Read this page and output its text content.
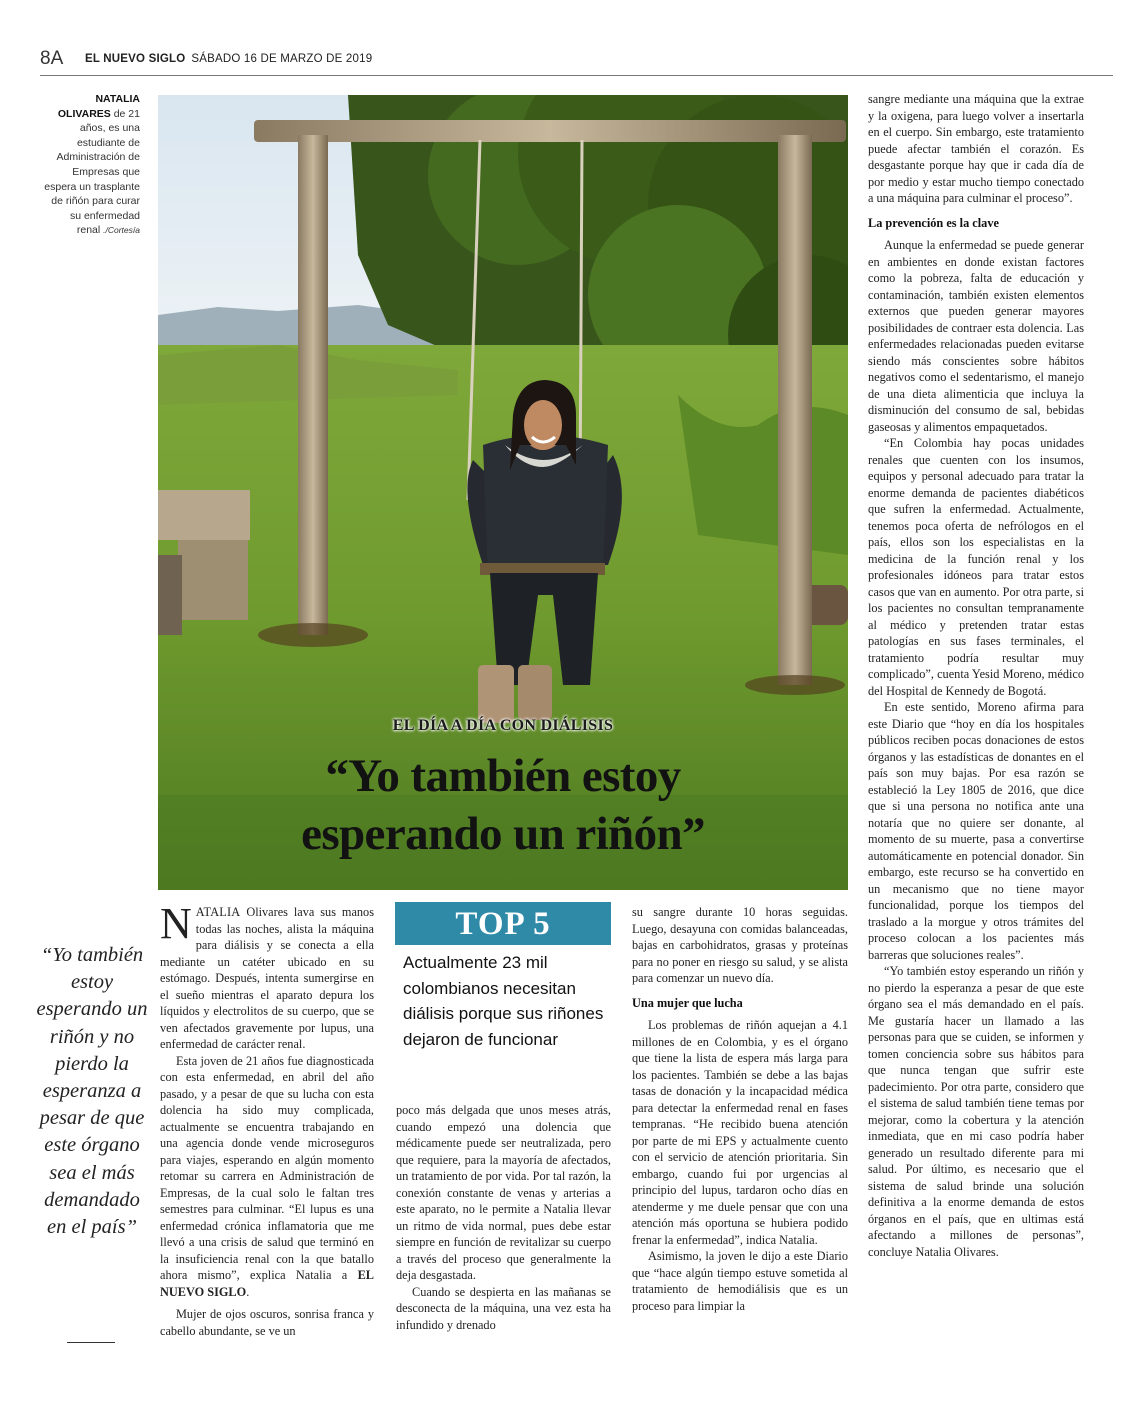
8A EL NUEVO SIGLO SÁBADO 16 DE MARZO DE 2019
NATALIA OLIVARES de 21 años, es una estudiante de Administración de Empresas que espera un trasplante de riñón para curar su enfermedad renal ./Cortesía
EL DÍA A DÍA CON DIÁLISIS
“Yo también estoy
esperando un riñón”
“Yo también estoy esperando un riñón y no pierdo la esperanza a pesar de que este órgano sea el más demandado en el país”

NATALIA Olivares lava sus manos todas las noches, alista la máquina para diálisis y se conecta a ella mediante un catéter ubicado en su estómago. Después, intenta sumergirse en el sueño mientras el aparato depura los líquidos y electrolitos de su cuerpo, que se ven afectados gravemente por lupus, una enfermedad de carácter renal.

Esta joven de 21 años fue diagnosticada con esta enfermedad, en abril del año pasado, y a pesar de que su lucha con esta dolencia ha sido muy complicada, actualmente se encuentra trabajando en una agencia donde vende microseguros para viajes, esperando en algún momento retomar su carrera en Administración de Empresas, de la cual solo le faltan tres semestres para culminar. “El lupus es una enfermedad crónica inflamatoria que me llevó a una crisis de salud que terminó en la insuficiencia renal con la que batallo ahora mismo”, explica Natalia a EL NUEVO SIGLO.

Mujer de ojos oscuros, sonrisa franca y cabello abundante, se ve un

TOP 5
Actualmente 23 mil colombianos necesitan diálisis porque sus riñones dejaron de funcionar

poco más delgada que unos meses atrás, cuando empezó una dolencia que médicamente puede ser neutralizada, pero que requiere, para la mayoría de afectados, un tratamiento de por vida. Por tal razón, la conexión constante de venas y arterias a este aparato, no le permite a Natalia llevar un ritmo de vida normal, pues debe estar siempre en función de revitalizar su cuerpo a través del proceso que generalmente la deja desgastada.

Cuando se despierta en las mañanas se desconecta de la máquina, una vez esta ha infundido y drenado

su sangre durante 10 horas seguidas. Luego, desayuna con comidas balanceadas, bajas en carbohidratos, grasas y proteínas para no poner en riesgo su salud, y se alista para comenzar un nuevo día.

Una mujer que lucha

Los problemas de riñón aquejan a 4.1 millones de en Colombia, y es el órgano que tiene la lista de espera más larga para los pacientes. También se debe a las bajas tasas de donación y la incapacidad médica para detectar la enfermedad renal en fases tempranas. “He recibido buena atención por parte de mi EPS y actualmente cuento con el servicio de atención prioritaria. Sin embargo, cuando fui por urgencias al principio del lupus, tardaron ocho días en atenderme y me duele pensar que con una atención más oportuna se hubiera podido frenar la enfermedad”, indica Natalia.

Asimismo, la joven le dijo a este Diario que “hace algún tiempo estuve sometida al tratamiento de hemodiálisis que es un proceso para limpiar la

sangre mediante una máquina que la extrae y la oxigena, para luego volver a insertarla en el cuerpo. Sin embargo, este tratamiento puede afectar también el corazón. Es desgastante porque hay que ir cada día de por medio y estar mucho tiempo conectado a una máquina para culminar el proceso”.

La prevención es la clave

Aunque la enfermedad se puede generar en ambientes en donde existan factores como la pobreza, falta de educación y contaminación, también existen elementos externos que pueden generar mayores posibilidades de contraer esta dolencia. Las enfermedades relacionadas pueden evitarse siendo más conscientes sobre hábitos negativos como el sedentarismo, el manejo de una dieta alimenticia que incluya la disminución del consumo de sal, bebidas gaseosas y alimentos empaquetados.

“En Colombia hay pocas unidades renales que cuenten con los insumos, equipos y personal adecuado para tratar la enorme demanda de pacientes diabéticos que sufren la enfermedad. Actualmente, tenemos poca oferta de nefrólogos en el país, ellos son los especialistas en la medicina de la función renal y los profesionales idóneos para tratar estos casos que van en aumento. Por otra parte, si los pacientes no consultan tempranamente al médico y pretenden tratar estas patologías en sus fases terminales, el tratamiento podría resultar muy complicado”, cuenta Yesid Moreno, médico del Hospital de Kennedy de Bogotá.

En este sentido, Moreno afirma para este Diario que “hoy en día los hospitales públicos reciben pocas donaciones de estos órganos y las estadísticas de donantes en el país son muy bajas. Por esa razón se estableció la Ley 1805 de 2016, que dice que si una persona no notifica ante una notaría que no quiere ser donante, al momento de su muerte, pasa a convertirse automáticamente en potencial donador. Sin embargo, este recurso se ha convertido en un mecanismo que no tiene mayor funcionalidad, porque los tiempos del traslado a la morgue y otros trámites del proceso colocan a los pacientes más barreras que soluciones reales”.

“Yo también estoy esperando un riñón y no pierdo la esperanza a pesar de que este órgano sea el más demandado en el país. Me gustaría hacer un llamado a las personas para que se cuiden, se informen y tomen conciencia sobre sus hábitos para que nunca tengan que sufrir este padecimiento. Por otra parte, considero que el sistema de salud también tiene temas por mejorar, como la cobertura y la atención inmediata, que en mi caso podría haber generado un resultado diferente para mi salud. Por último, es necesario que el sistema de salud brinde una solución definitiva a la enorme demanda de estos órganos en el país, que en ultimas está afectando a millones de personas”, concluye Natalia Olivares.
